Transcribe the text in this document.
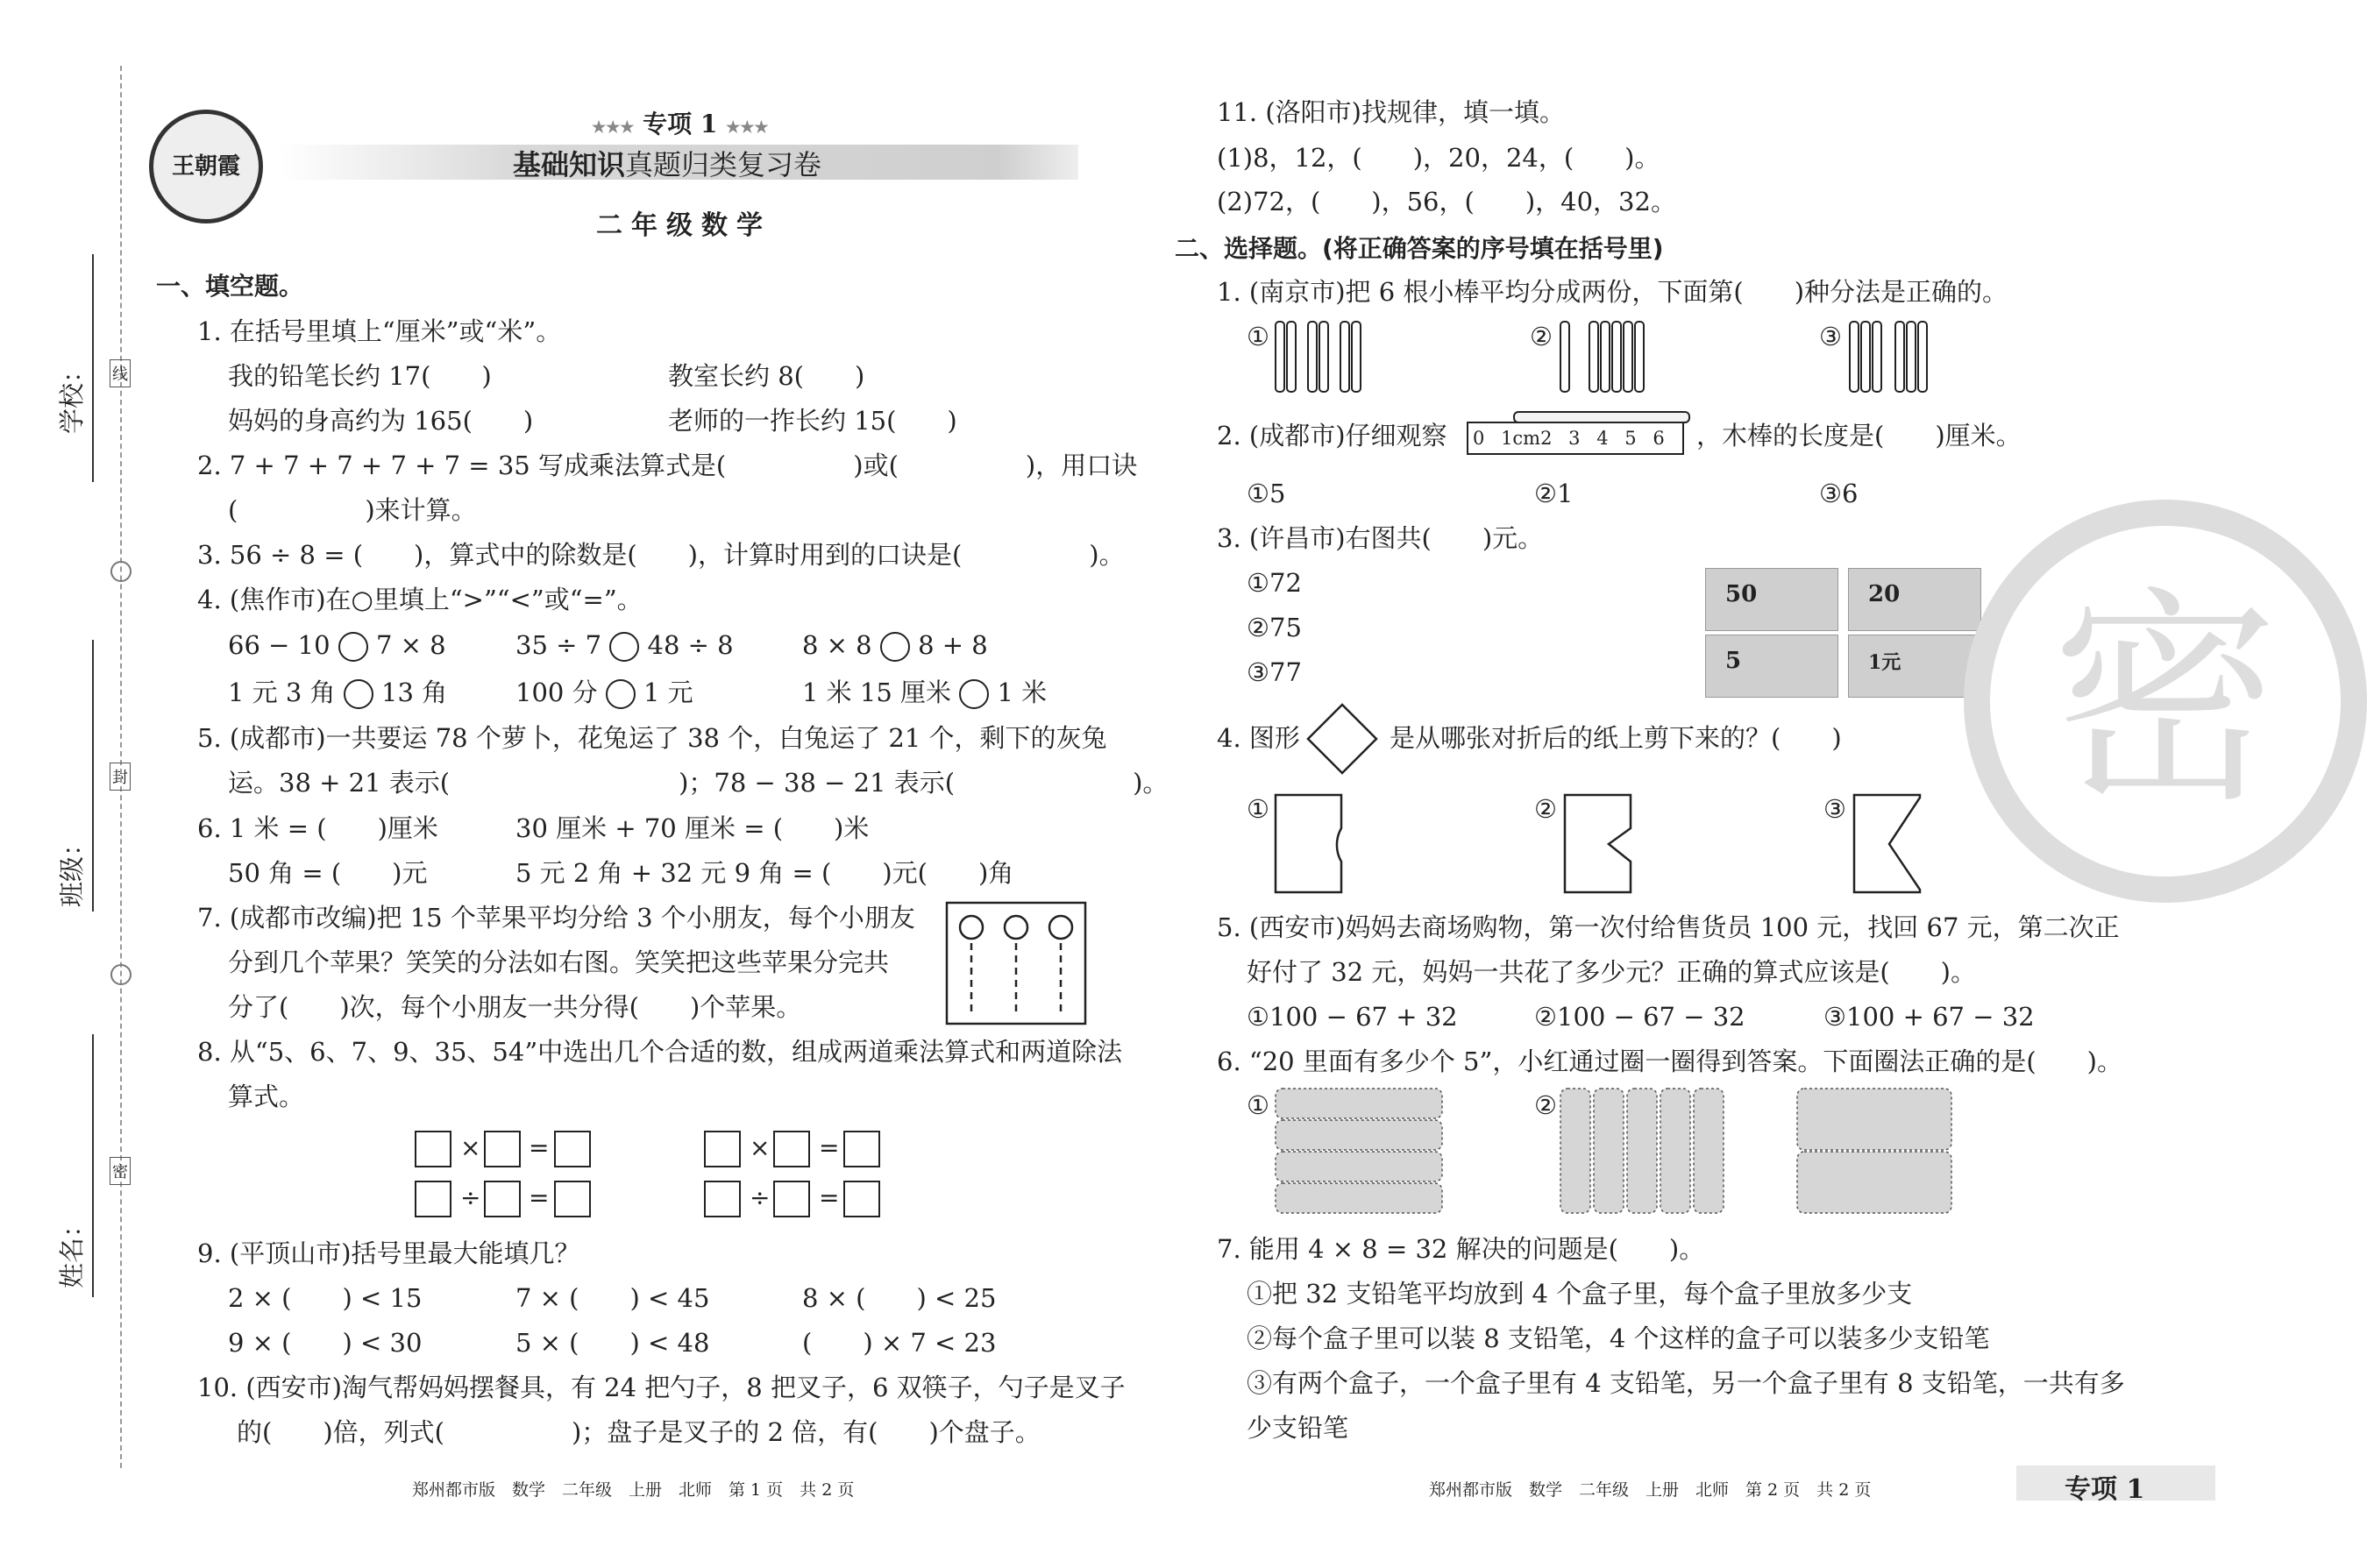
学校：
班级：
姓名：
线
封
密
王朝霞
★★★ 专项 1 ★★★
基础知识真题归类复习卷
二年级数学
一、填空题。
1. 在括号里填上“厘米”或“米”。
我的铅笔长约 17(　　)	教室长约 8(　　)
妈妈的身高约为 165(　　)	老师的一拃长约 15(　　)
2. 7 + 7 + 7 + 7 + 7 = 35 写成乘法算式是(　　　　　)或(　　　　　)，用口诀
(　　　　　)来计算。
3. 56 ÷ 8 = (　　)，算式中的除数是(　　)，计算时用到的口诀是(　　　　　)。
4. (焦作市)在○里填上“>”“<”或“=”。
66 − 10 7 × 8	35 ÷ 7 48 ÷ 8	8 × 8 8 + 8
1 元 3 角 13 角	100 分 1 元	1 米 15 厘米 1 米
5. (成都市)一共要运 78 个萝卜，花兔运了 38 个，白兔运了 21 个，剩下的灰兔
运。38 + 21 表示(　　　　　　　　　)；78 − 38 − 21 表示(　　　　　　　)。
6. 1 米 = (　　)厘米	30 厘米 + 70 厘米 = (　　)米
50 角 = (　　)元	5 元 2 角 + 32 元 9 角 = (　　)元(　　)角
7. (成都市改编)把 15 个苹果平均分给 3 个小朋友，每个小朋友
分到几个苹果？笑笑的分法如右图。笑笑把这些苹果分完共
分了(　　)次，每个小朋友一共分得(　　)个苹果。
8. 从“5、6、7、9、35、54”中选出几个合适的数，组成两道乘法算式和两道除法
算式。
× =	× =
÷ =	÷ =
9. (平顶山市)括号里最大能填几？
2 × (　　) < 15	7 × (　　) < 45	8 × (　　) < 25
9 × (　　) < 30	5 × (　　) < 48	(　　) × 7 < 23
10. (西安市)淘气帮妈妈摆餐具，有 24 把勺子，8 把叉子，6 双筷子，勺子是叉子
的(　　)倍，列式(　　　　　)；盘子是叉子的 2 倍，有(　　)个盘子。
郑州都市版　数学　二年级　上册　北师　第 1 页　共 2 页
11. (洛阳市)找规律，填一填。
(1)8，12，(　　)，20，24，(　　)。
(2)72，(　　)，56，(　　)，40，32。
二、选择题。(将正确答案的序号填在括号里)
1. (南京市)把 6 根小棒平均分成两份，下面第(　　)种分法是正确的。
①	②	③
2. (成都市)仔细观察 0 1cm2 3 4 5 6 ，木棒的长度是(　　)厘米。
①5	②1	③6
3. (许昌市)右图共(　　)元。
①72
②75
③77
50	20
5	1元
4. 图形	是从哪张对折后的纸上剪下来的？(　　)
①	②	③
5. (西安市)妈妈去商场购物，第一次付给售货员 100 元，找回 67 元，第二次正
好付了 32 元，妈妈一共花了多少元？正确的算式应该是(　　)。
①100 − 67 + 32	②100 − 67 − 32	③100 + 67 − 32
6. “20 里面有多少个 5”，小红通过圈一圈得到答案。下面圈法正确的是(　　)。
①	②
7. 能用 4 × 8 = 32 解决的问题是(　　)。
①把 32 支铅笔平均放到 4 个盒子里，每个盒子里放多少支
②每个盒子里可以装 8 支铅笔，4 个这样的盒子可以装多少支铅笔
③有两个盒子，一个盒子里有 4 支铅笔，另一个盒子里有 8 支铅笔，一共有多
少支铅笔
郑州都市版　数学　二年级　上册　北师　第 2 页　共 2 页	专项 1
密
